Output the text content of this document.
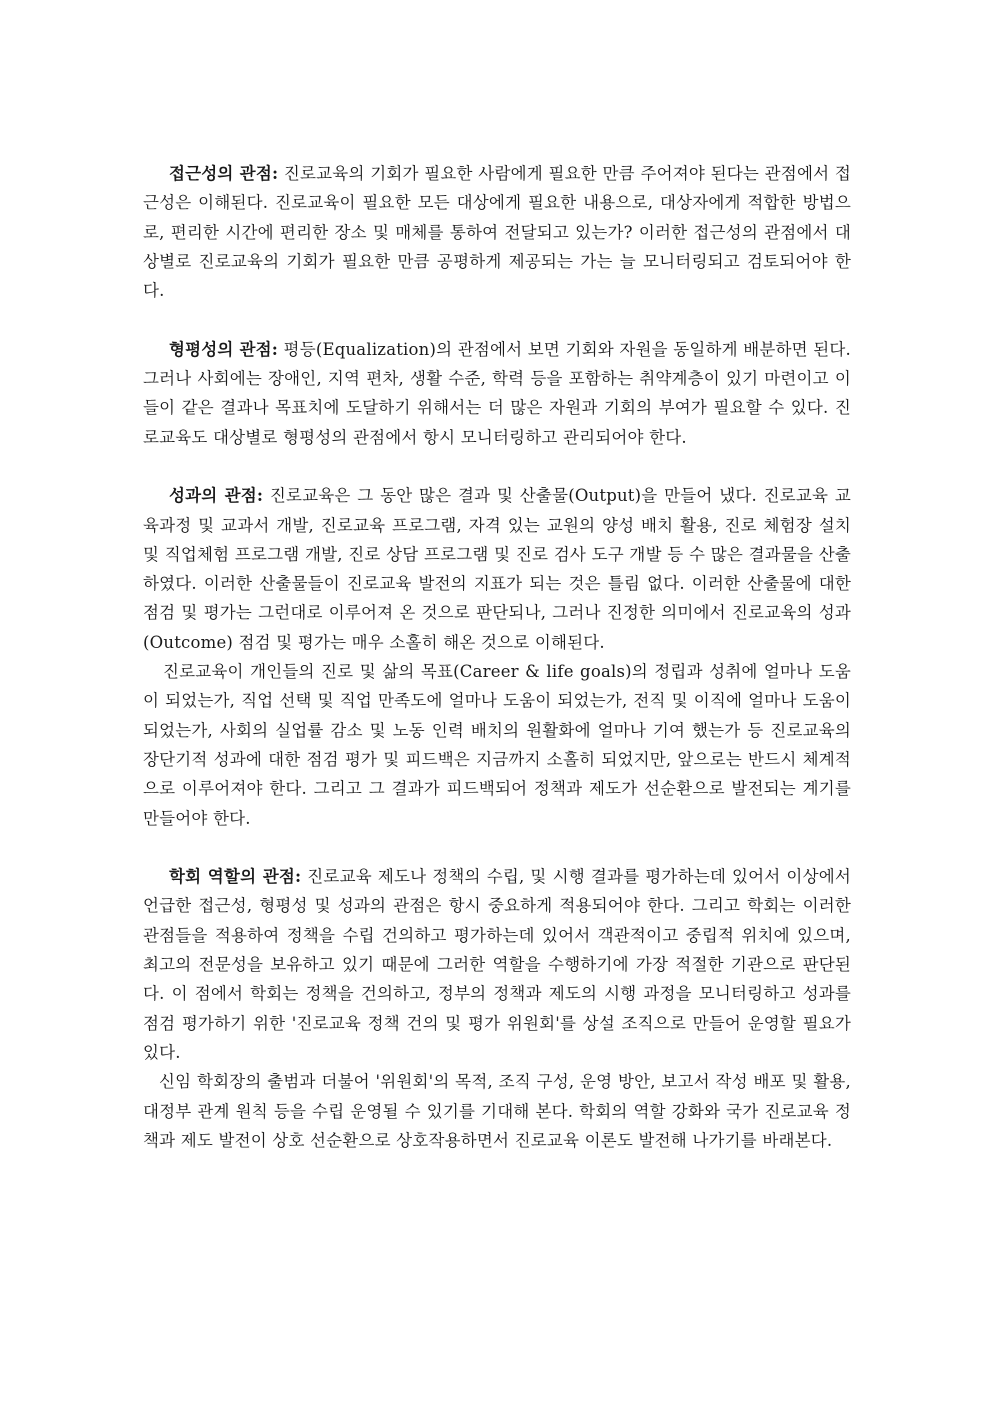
접근성의 관점: 진로교육의 기회가 필요한 사람에게 필요한 만큼 주어져야 된다는 관점에서 접근성은 이해된다. 진로교육이 필요한 모든 대상에게 필요한 내용으로, 대상자에게 적합한 방법으로, 편리한 시간에 편리한 장소 및 매체를 통하여 전달되고 있는가? 이러한 접근성의 관점에서 대상별로 진로교육의 기회가 필요한 만큼 공평하게 제공되는 가는 늘 모니터링되고 검토되어야 한다.

형평성의 관점: 평등(Equalization)의 관점에서 보면 기회와 자원을 동일하게 배분하면 된다. 그러나 사회에는 장애인, 지역 편차, 생활 수준, 학력 등을 포함하는 취약계층이 있기 마련이고 이들이 같은 결과나 목표치에 도달하기 위해서는 더 많은 자원과 기회의 부여가 필요할 수 있다. 진로교육도 대상별로 형평성의 관점에서 항시 모니터링하고 관리되어야 한다.

성과의 관점: 진로교육은 그 동안 많은 결과 및 산출물(Output)을 만들어 냈다. 진로교육 교육과정 및 교과서 개발, 진로교육 프로그램, 자격 있는 교원의 양성 배치 활용, 진로 체험장 설치 및 직업체험 프로그램 개발, 진로 상담 프로그램 및 진로 검사 도구 개발 등 수 많은 결과물을 산출하였다. 이러한 산출물들이 진로교육 발전의 지표가 되는 것은 틀림 없다. 이러한 산출물에 대한 점검 및 평가는 그런대로 이루어져 온 것으로 판단되나, 그러나 진정한 의미에서 진로교육의 성과(Outcome) 점검 및 평가는 매우 소홀히 해온 것으로 이해된다.

진로교육이 개인들의 진로 및 삶의 목표(Career & life goals)의 정립과 성취에 얼마나 도움이 되었는가, 직업 선택 및 직업 만족도에 얼마나 도움이 되었는가, 전직 및 이직에 얼마나 도움이 되었는가, 사회의 실업률 감소 및 노동 인력 배치의 원활화에 얼마나 기여 했는가 등 진로교육의 장단기적 성과에 대한 점검 평가 및 피드백은 지금까지 소홀히 되었지만, 앞으로는 반드시 체계적으로 이루어져야 한다. 그리고 그 결과가 피드백되어 정책과 제도가 선순환으로 발전되는 계기를 만들어야 한다.

학회 역할의 관점: 진로교육 제도나 정책의 수립, 및 시행 결과를 평가하는데 있어서 이상에서 언급한 접근성, 형평성 및 성과의 관점은 항시 중요하게 적용되어야 한다. 그리고 학회는 이러한 관점들을 적용하여 정책을 수립 건의하고 평가하는데 있어서 객관적이고 중립적 위치에 있으며, 최고의 전문성을 보유하고 있기 때문에 그러한 역할을 수행하기에 가장 적절한 기관으로 판단된다. 이 점에서 학회는 정책을 건의하고, 정부의 정책과 제도의 시행 과정을 모니터링하고 성과를 점검 평가하기 위한 '진로교육 정책 건의 및 평가 위원회'를 상설 조직으로 만들어 운영할 필요가 있다.

신임 학회장의 출범과 더불어 '위원회'의 목적, 조직 구성, 운영 방안, 보고서 작성 배포 및 활용, 대정부 관계 원칙 등을 수립 운영될 수 있기를 기대해 본다. 학회의 역할 강화와 국가 진로교육 정책과 제도 발전이 상호 선순환으로 상호작용하면서 진로교육 이론도 발전해 나가기를 바래본다.
